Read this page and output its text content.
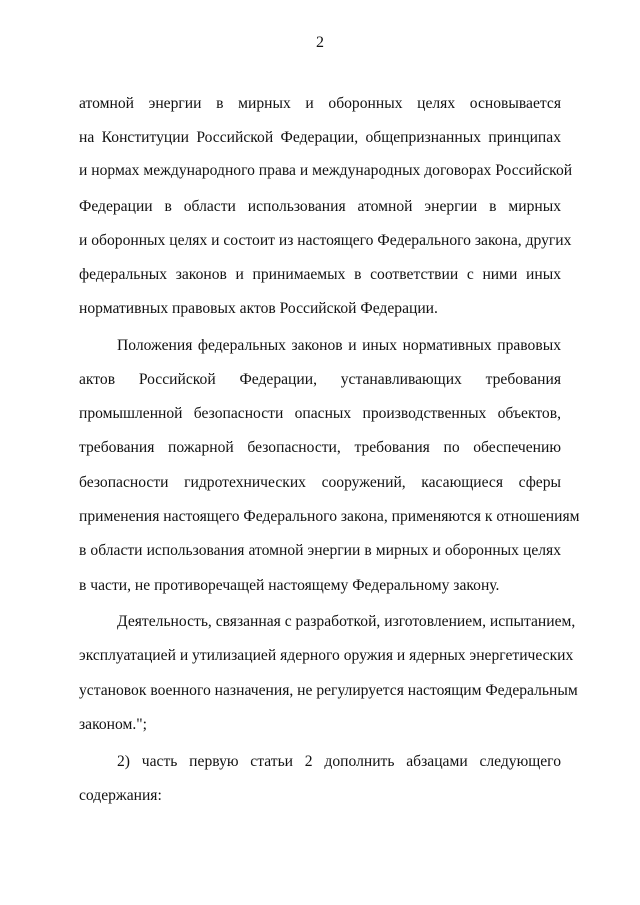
2
атомной энергии в мирных и оборонных целях основывается
на Конституции Российской Федерации, общепризнанных принципах
и нормах международного права и международных договорах Российской
Федерации в области использования атомной энергии в мирных
и оборонных целях и состоит из настоящего Федерального закона, других
федеральных законов и принимаемых в соответствии с ними иных
нормативных правовых актов Российской Федерации.
Положения федеральных законов и иных нормативных правовых
актов Российской Федерации, устанавливающих требования
промышленной безопасности опасных производственных объектов,
требования пожарной безопасности, требования по обеспечению
безопасности гидротехнических сооружений, касающиеся сферы
применения настоящего Федерального закона, применяются к отношениям
в области использования атомной энергии в мирных и оборонных целях
в части, не противоречащей настоящему Федеральному закону.
Деятельность, связанная с разработкой, изготовлением, испытанием,
эксплуатацией и утилизацией ядерного оружия и ядерных энергетических
установок военного назначения, не регулируется настоящим Федеральным
законом.";
2) часть первую статьи 2 дополнить абзацами следующего
содержания:
